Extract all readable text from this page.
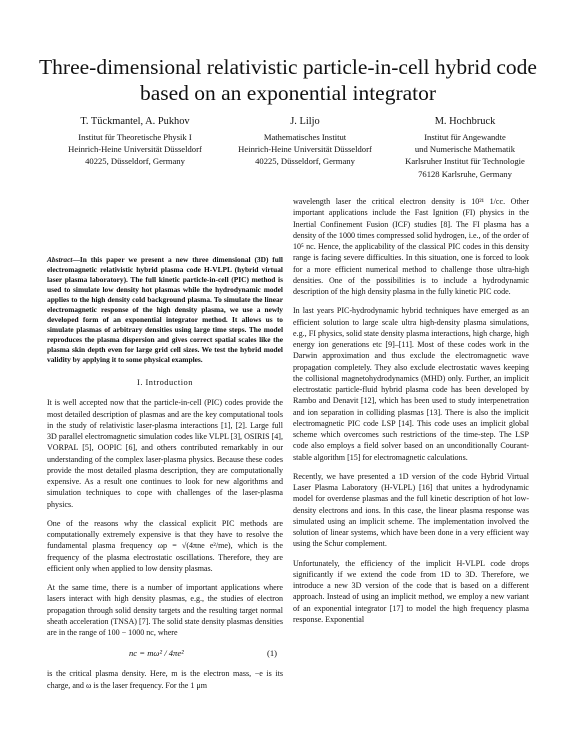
Three-dimensional relativistic particle-in-cell hybrid code based on an exponential integrator
T. Tückmantel, A. Pukhov
Institut für Theoretische Physik I
Heinrich-Heine Universität Düsseldorf
40225, Düsseldorf, Germany
J. Liljo
Mathematisches Institut
Heinrich-Heine Universität Düsseldorf
40225, Düsseldorf, Germany
M. Hochbruck
Institut für Angewandte
und Numerische Mathematik
Karlsruher Institut für Technologie
76128 Karlsruhe, Germany

Abstract—In this paper we present a new three dimensional (3D) full electromagnetic relativistic hybrid plasma code H-VLPL (hybrid virtual laser plasma laboratory). The full kinetic particle-in-cell (PIC) method is used to simulate low density hot plasmas while the hydrodynamic model applies to the high density cold background plasma. To simulate the linear electromagnetic response of the high density plasma, we use a newly developed form of an exponential integrator method. It allows us to simulate plasmas of arbitrary densities using large time steps. The model reproduces the plasma dispersion and gives correct spatial scales like the plasma skin depth even for large grid cell sizes. We test the hybrid model validity by applying it to some physical examples.

I. Introduction

It is well accepted now that the particle-in-cell (PIC) codes provide the most detailed description of plasmas and are the key computational tools in the study of relativistic laser-plasma interactions [1], [2]. Large full 3D parallel electromagnetic simulation codes like VLPL [3], OSIRIS [4], VORPAL [5], OOPIC [6], and others contributed remarkably in our understanding of the complex laser-plasma physics. Because these codes provide the most detailed plasma description, they are computationally expensive. As a result one continues to look for new algorithms and simulation techniques to cope with challenges of the laser-plasma physics.

One of the reasons why the classical explicit PIC methods are computationally extremely expensive is that they have to resolve the fundamental plasma frequency ωp = √(4πne e²/me), which is the frequency of the plasma electrostatic oscillations. Therefore, they are efficient only when applied to low density plasmas.

At the same time, there is a number of important applications where lasers interact with high density plasmas, e.g., the studies of electron propagation through solid density targets and the resulting target normal sheath acceleration (TNSA) [7]. The solid state density plasmas densities are in the range of 100 − 1000 nc, where

nc = mω² / 4πe²	(1)

is the critical plasma density. Here, m is the electron mass, −e is its charge, and ω is the laser frequency. For the 1 μm

wavelength laser the critical electron density is 10²¹ 1/cc. Other important applications include the Fast Ignition (FI) physics in the Inertial Confinement Fusion (ICF) studies [8]. The FI plasma has a density of the 1000 times compressed solid hydrogen, i.e., of the order of 10⁵ nc. Hence, the applicability of the classical PIC codes in this density range is facing severe difficulties. In this situation, one is forced to look for a more efficient numerical method to challenge those ultra-high densities. One of the possibilities is to include a hydrodynamic description of the high density plasma in the fully kinetic PIC code.

In last years PIC-hydrodynamic hybrid techniques have emerged as an efficient solution to large scale ultra high-density plasma simulations, e.g., FI physics, solid state density plasma interactions, high charge, high energy ion generations etc [9]–[11]. Most of these codes work in the Darwin approximation and thus exclude the electromagnetic wave propagation completely. They also exclude electrostatic waves keeping the collisional magnetohydrodynamics (MHD) only. Further, an implicit electrostatic particle-fluid hybrid plasma code has been developed by Rambo and Denavit [12], which has been used to study interpenetration and ion separation in colliding plasmas [13]. There is also the implicit electromagnetic PIC code LSP [14]. This code uses an implicit global scheme which overcomes such restrictions of the time-step. The LSP code also employs a field solver based on an unconditionally Courant-stable algorithm [15] for electromagnetic calculations.

Recently, we have presented a 1D version of the code Hybrid Virtual Laser Plasma Laboratory (H-VLPL) [16] that unites a hydrodynamic model for overdense plasmas and the full kinetic description of hot low-density electrons and ions. In this case, the linear plasma response was simulated using an implicit scheme. The implementation involved the solution of linear systems, which have been done in a very efficient way using the Schur complement.

Unfortunately, the efficiency of the implicit H-VLPL code drops significantly if we extend the code from 1D to 3D. Therefore, we introduce a new 3D version of the code that is based on a different approach. Instead of using an implicit method, we employ a new variant of an exponential integrator [17] to model the high frequency plasma response. Exponential
